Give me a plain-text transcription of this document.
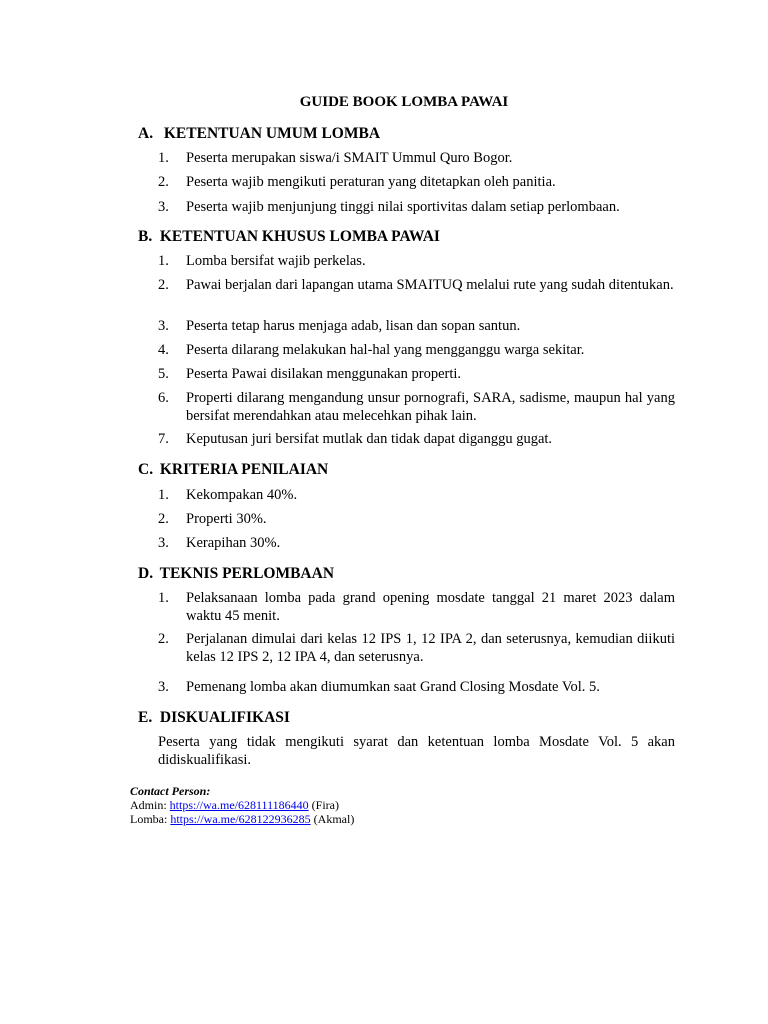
GUIDE BOOK LOMBA PAWAI
A. KETENTUAN UMUM LOMBA
1.	Peserta merupakan siswa/i SMAIT Ummul Quro Bogor.
2.	Peserta wajib mengikuti peraturan yang ditetapkan oleh panitia.
3.	Peserta wajib menjunjung tinggi nilai sportivitas dalam setiap perlombaan.
B. KETENTUAN KHUSUS LOMBA PAWAI
1.	Lomba bersifat wajib perkelas.
2.	Pawai berjalan dari lapangan utama SMAITUQ melalui rute yang sudah ditentukan.
3.	Peserta tetap harus menjaga adab, lisan dan sopan santun.
4.	Peserta dilarang melakukan hal-hal yang mengganggu warga sekitar.
5.	Peserta Pawai disilakan menggunakan properti.
6.	Properti dilarang mengandung unsur pornografi, SARA, sadisme, maupun hal yang bersifat merendahkan atau melecehkan pihak lain.
7.	Keputusan juri bersifat mutlak dan tidak dapat diganggu gugat.
C. KRITERIA PENILAIAN
1.	Kekompakan 40%.
2.	Properti 30%.
3.	Kerapihan 30%.
D. TEKNIS PERLOMBAAN
1.	Pelaksanaan lomba pada grand opening mosdate tanggal 21 maret 2023 dalam waktu 45 menit.
2.	Perjalanan dimulai dari kelas 12 IPS 1, 12 IPA 2, dan seterusnya, kemudian diikuti kelas 12 IPS 2, 12 IPA 4, dan seterusnya.
3.	Pemenang lomba akan diumumkan saat Grand Closing Mosdate Vol. 5.
E. DISKUALIFIKASI
Peserta yang tidak mengikuti syarat dan ketentuan lomba Mosdate Vol. 5 akan didiskualifikasi.
Contact Person:
Admin: https://wa.me/628111186440 (Fira)
Lomba: https://wa.me/628122936285 (Akmal)
